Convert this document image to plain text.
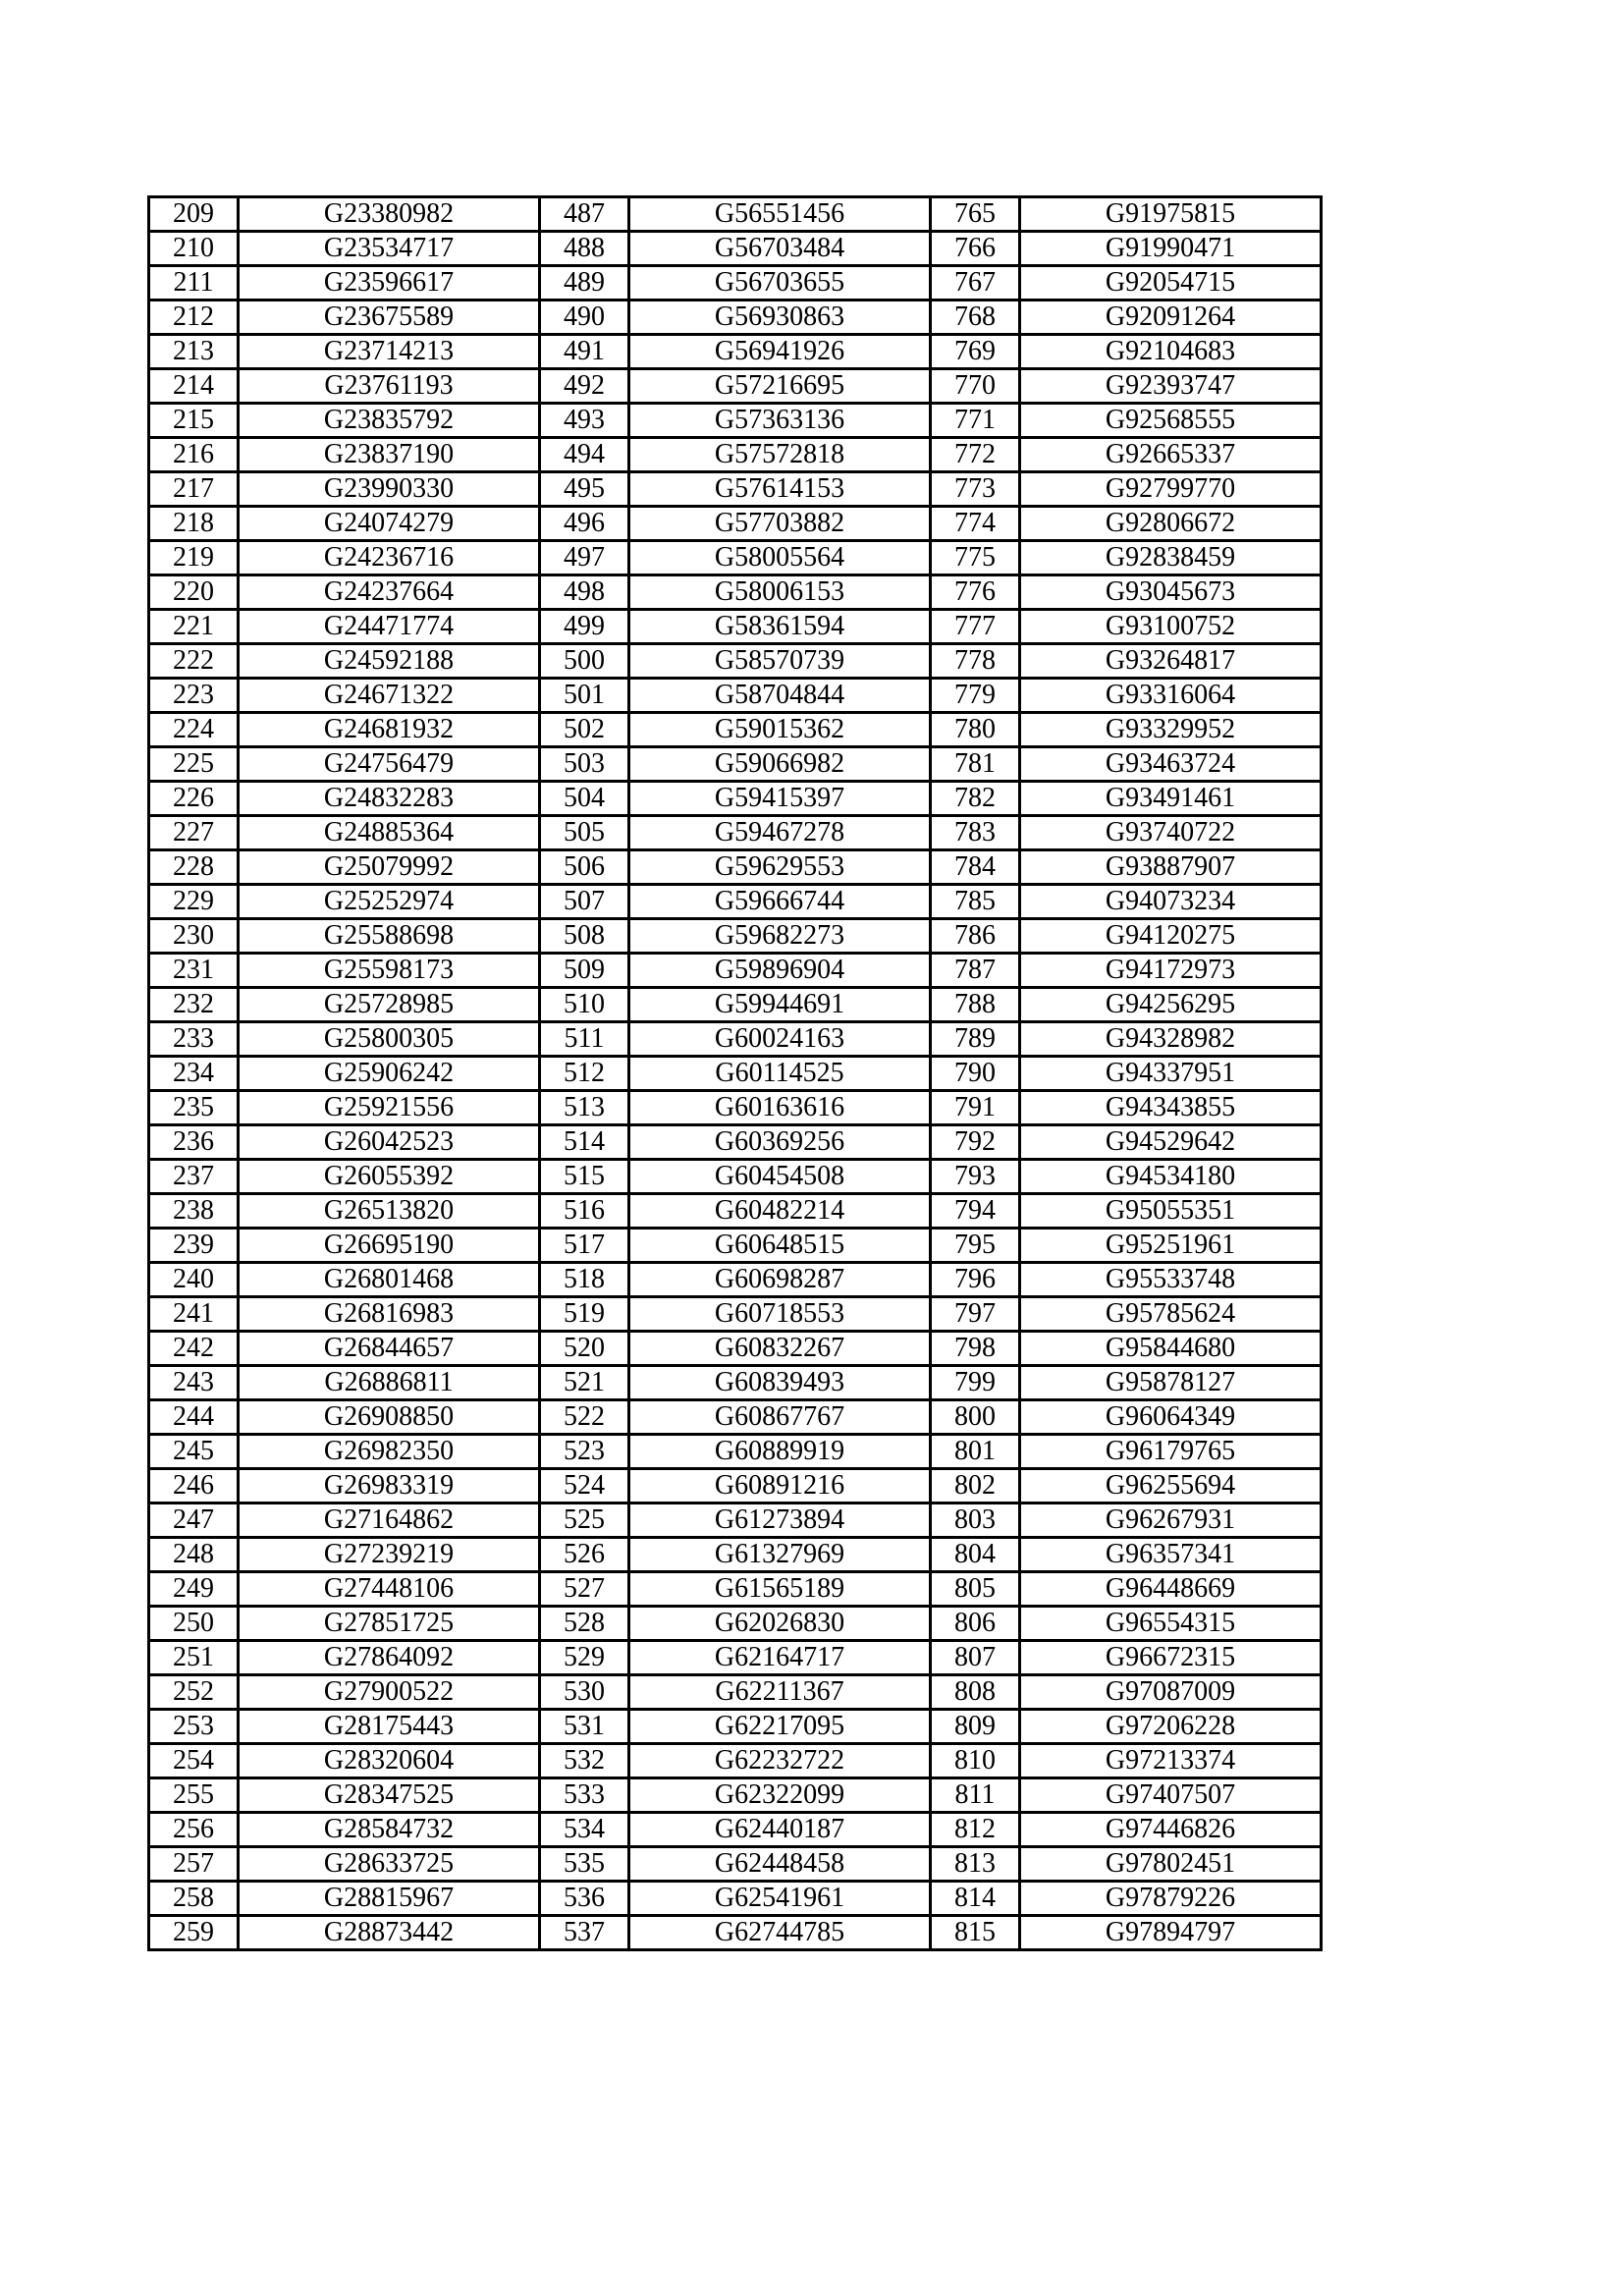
209	G23380982	487	G56551456	765	G91975815
210	G23534717	488	G56703484	766	G91990471
211	G23596617	489	G56703655	767	G92054715
212	G23675589	490	G56930863	768	G92091264
213	G23714213	491	G56941926	769	G92104683
214	G23761193	492	G57216695	770	G92393747
215	G23835792	493	G57363136	771	G92568555
216	G23837190	494	G57572818	772	G92665337
217	G23990330	495	G57614153	773	G92799770
218	G24074279	496	G57703882	774	G92806672
219	G24236716	497	G58005564	775	G92838459
220	G24237664	498	G58006153	776	G93045673
221	G24471774	499	G58361594	777	G93100752
222	G24592188	500	G58570739	778	G93264817
223	G24671322	501	G58704844	779	G93316064
224	G24681932	502	G59015362	780	G93329952
225	G24756479	503	G59066982	781	G93463724
226	G24832283	504	G59415397	782	G93491461
227	G24885364	505	G59467278	783	G93740722
228	G25079992	506	G59629553	784	G93887907
229	G25252974	507	G59666744	785	G94073234
230	G25588698	508	G59682273	786	G94120275
231	G25598173	509	G59896904	787	G94172973
232	G25728985	510	G59944691	788	G94256295
233	G25800305	511	G60024163	789	G94328982
234	G25906242	512	G60114525	790	G94337951
235	G25921556	513	G60163616	791	G94343855
236	G26042523	514	G60369256	792	G94529642
237	G26055392	515	G60454508	793	G94534180
238	G26513820	516	G60482214	794	G95055351
239	G26695190	517	G60648515	795	G95251961
240	G26801468	518	G60698287	796	G95533748
241	G26816983	519	G60718553	797	G95785624
242	G26844657	520	G60832267	798	G95844680
243	G26886811	521	G60839493	799	G95878127
244	G26908850	522	G60867767	800	G96064349
245	G26982350	523	G60889919	801	G96179765
246	G26983319	524	G60891216	802	G96255694
247	G27164862	525	G61273894	803	G96267931
248	G27239219	526	G61327969	804	G96357341
249	G27448106	527	G61565189	805	G96448669
250	G27851725	528	G62026830	806	G96554315
251	G27864092	529	G62164717	807	G96672315
252	G27900522	530	G62211367	808	G97087009
253	G28175443	531	G62217095	809	G97206228
254	G28320604	532	G62232722	810	G97213374
255	G28347525	533	G62322099	811	G97407507
256	G28584732	534	G62440187	812	G97446826
257	G28633725	535	G62448458	813	G97802451
258	G28815967	536	G62541961	814	G97879226
259	G28873442	537	G62744785	815	G97894797
